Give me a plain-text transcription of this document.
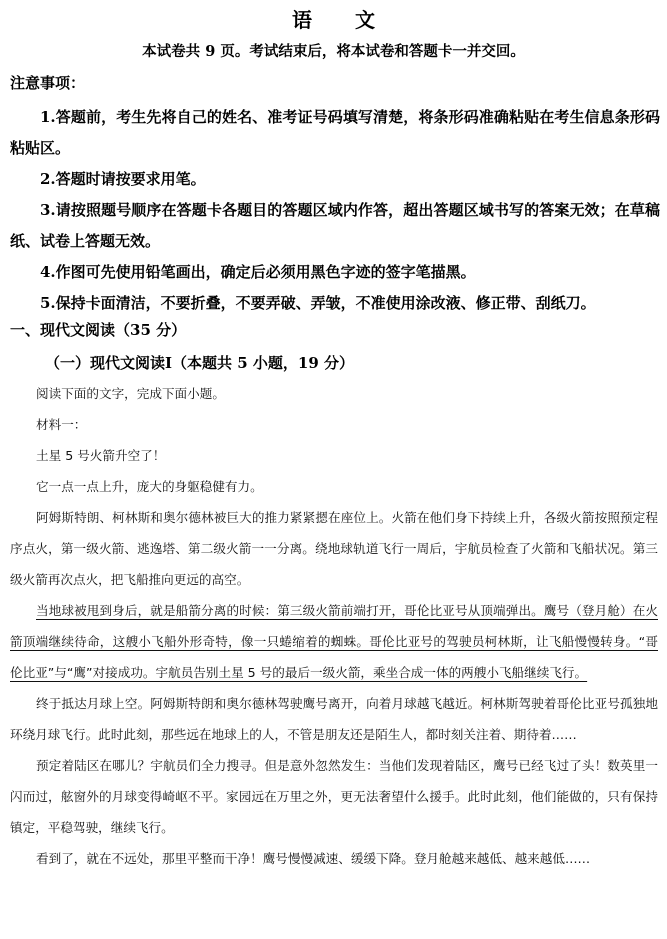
语 文
本试卷共 9 页。考试结束后，将本试卷和答题卡一并交回。
注意事项：

1.答题前，考生先将自己的姓名、准考证号码填写清楚，将条形码准确粘贴在考生信息条形码粘贴区。

2.答题时请按要求用笔。

3.请按照题号顺序在答题卡各题目的答题区域内作答，超出答题区域书写的答案无效；在草稿纸、试卷上答题无效。

4.作图可先使用铅笔画出，确定后必须用黑色字迹的签字笔描黑。

5.保持卡面清洁，不要折叠，不要弄破、弄皱，不准使用涂改液、修正带、刮纸刀。

一、现代文阅读（35 分）
（一）现代文阅读Ⅰ（本题共 5 小题，19 分）

阅读下面的文字，完成下面小题。

材料一：

土星 5 号火箭升空了！

它一点一点上升，庞大的身躯稳健有力。

阿姆斯特朗、柯林斯和奥尔德林被巨大的推力紧紧摁在座位上。火箭在他们身下持续上升，各级火箭按照预定程序点火，第一级火箭、逃逸塔、第二级火箭一一分离。绕地球轨道飞行一周后，宇航员检查了火箭和飞船状况。第三级火箭再次点火，把飞船推向更远的高空。

当地球被甩到身后，就是船箭分离的时候：第三级火箭前端打开，哥伦比亚号从顶端弹出。鹰号（登月舱）在火箭顶端继续待命，这艘小飞船外形奇特，像一只蜷缩着的蜘蛛。哥伦比亚号的驾驶员柯林斯，让飞船慢慢转身。“哥伦比亚”与“鹰”对接成功。宇航员告别土星 5 号的最后一级火箭，乘坐合成一体的两艘小飞船继续飞行。

终于抵达月球上空。阿姆斯特朗和奥尔德林驾驶鹰号离开，向着月球越飞越近。柯林斯驾驶着哥伦比亚号孤独地环绕月球飞行。此时此刻，那些远在地球上的人，不管是朋友还是陌生人，都时刻关注着、期待着……

预定着陆区在哪儿？宇航员们全力搜寻。但是意外忽然发生：当他们发现着陆区，鹰号已经飞过了头！数英里一闪而过，舷窗外的月球变得崎岖不平。家园远在万里之外，更无法奢望什么援手。此时此刻，他们能做的，只有保持镇定，平稳驾驶，继续飞行。

看到了，就在不远处，那里平整而干净！鹰号慢慢减速、缓缓下降。登月舱越来越低、越来越低……
